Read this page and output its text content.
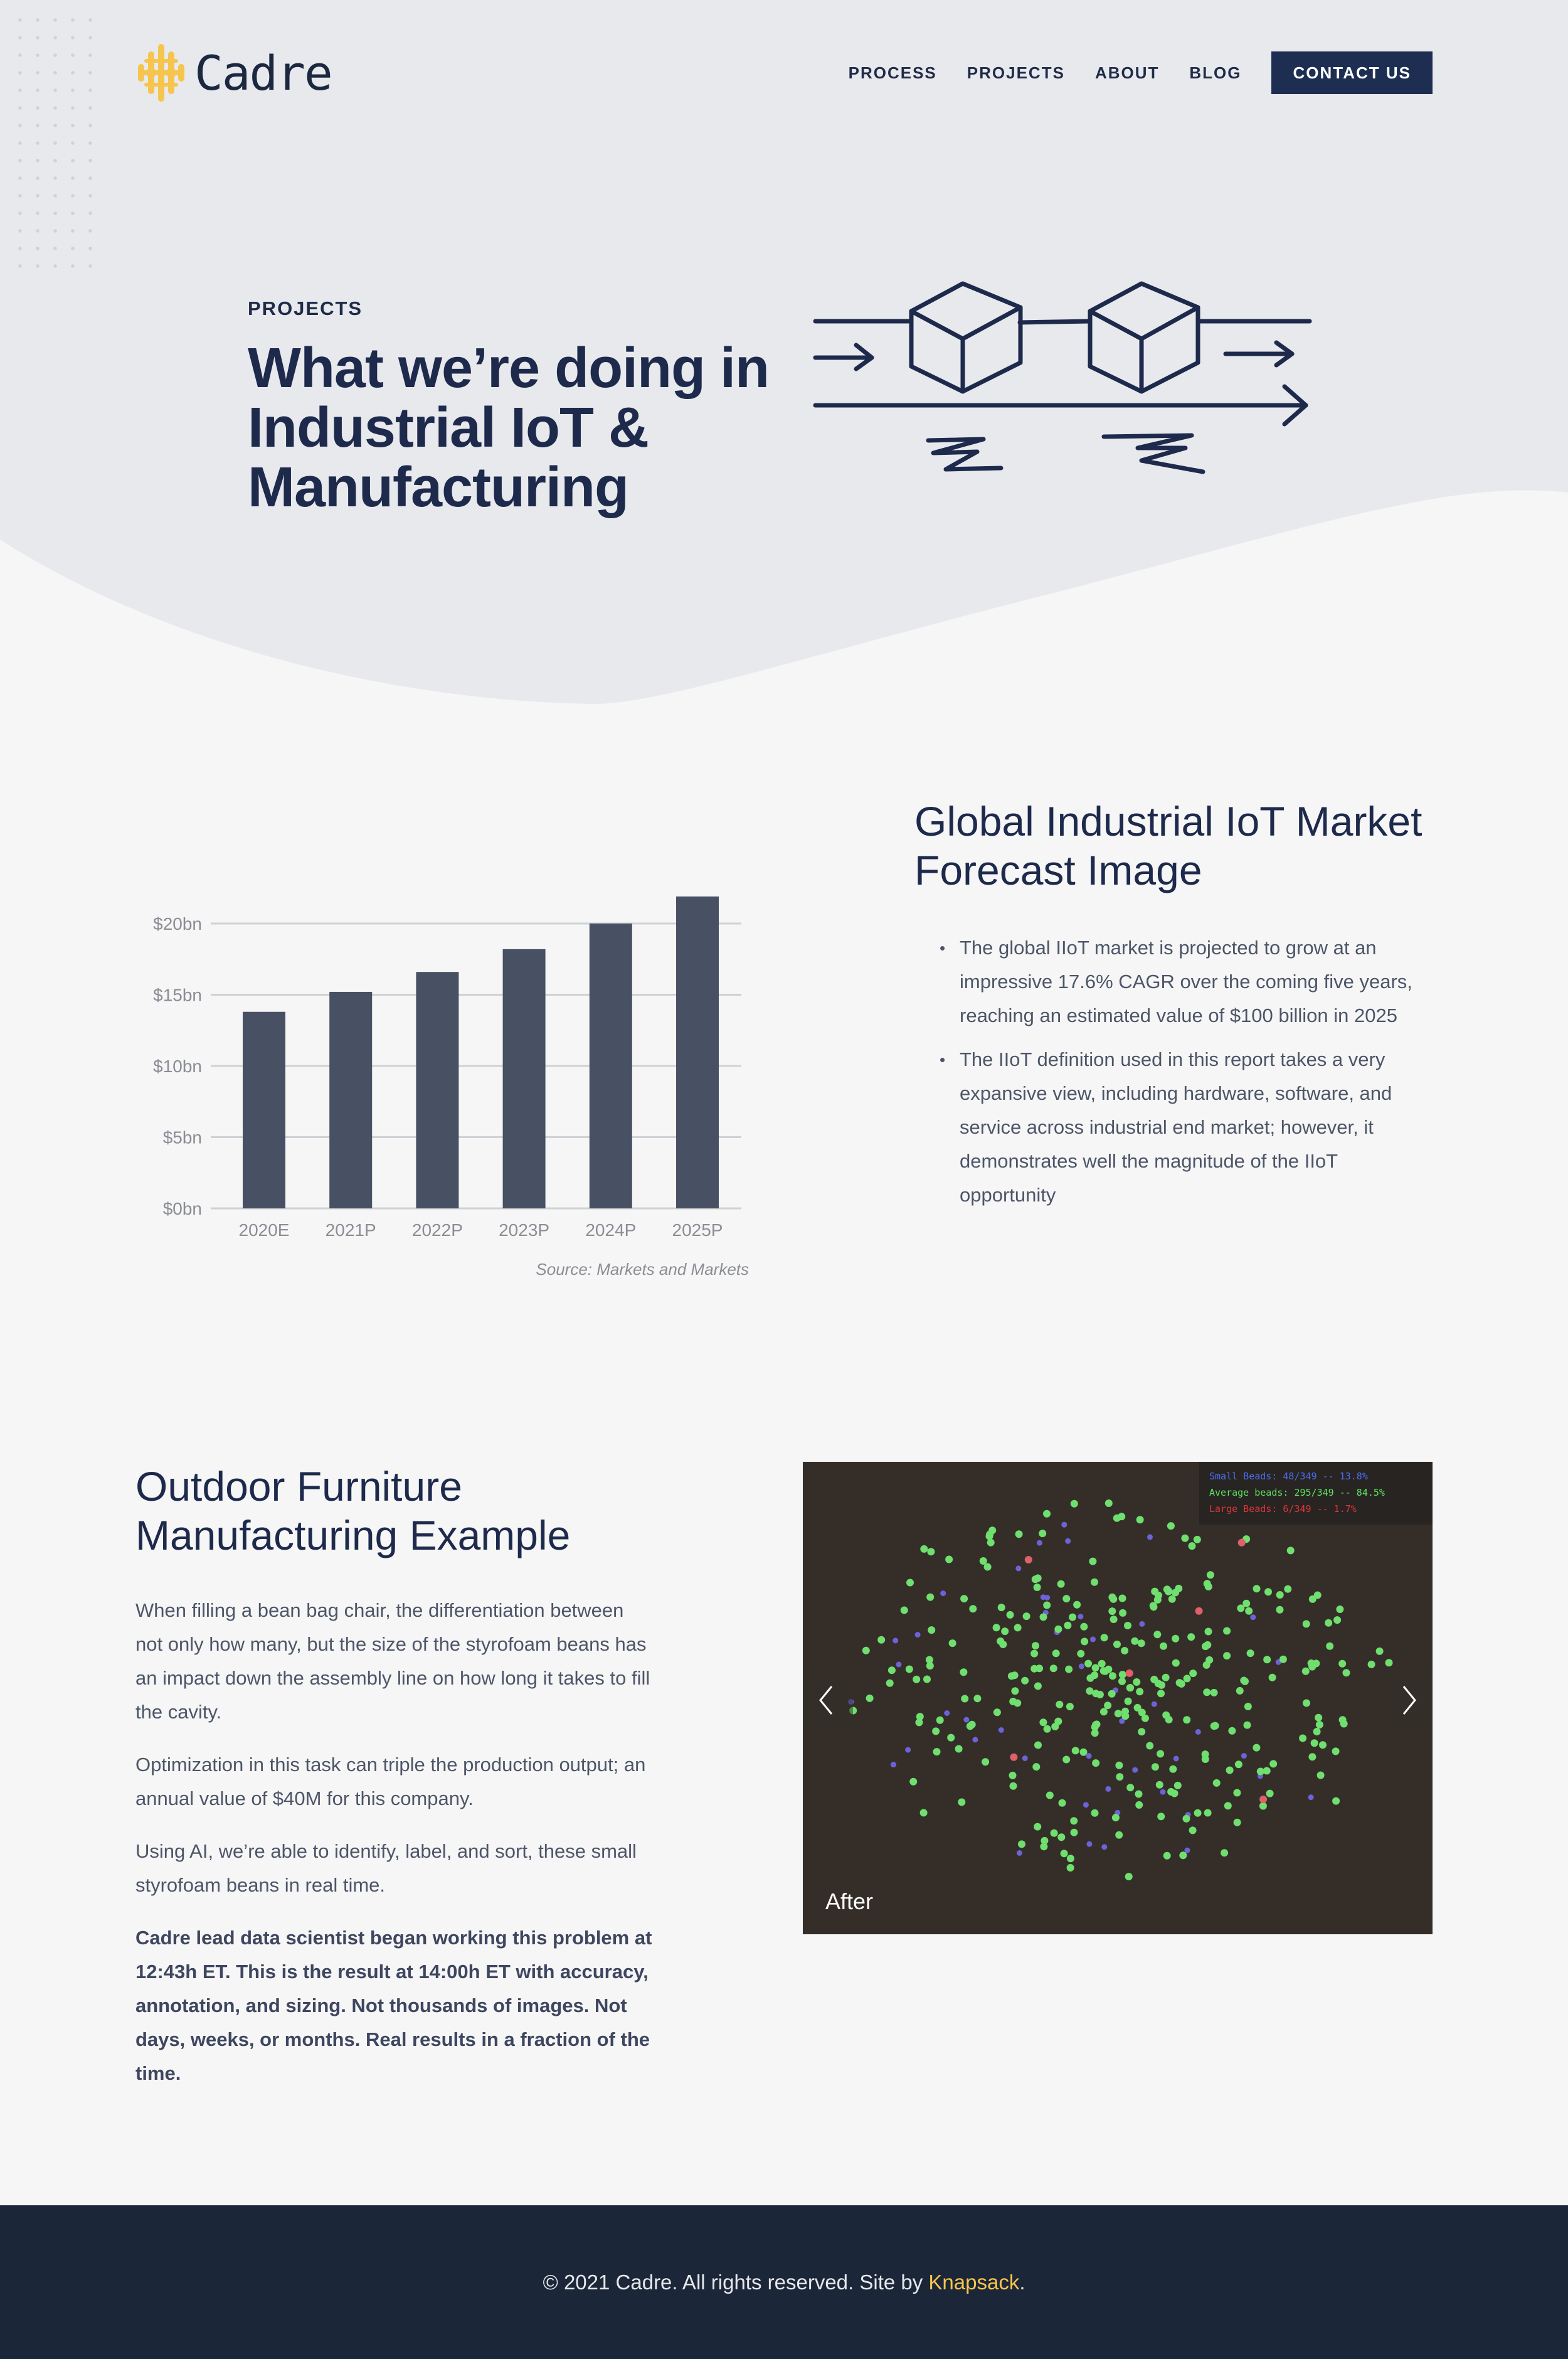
Cadre	PROCESS PROJECTS ABOUT BLOG	CONTACT US
PROJECTS
What we’re doing in Industrial IoT & Manufacturing
$0bn
$5bn
$10bn
$15bn
$20bn
2020E 2021P 2022P 2023P 2024P 2025P
Source: Markets and Markets
Global Industrial IoT Market Forecast Image
• The global IIoT market is projected to grow at an impressive 17.6% CAGR over the coming five years, reaching an estimated value of $100 billion in 2025
• The IIoT definition used in this report takes a very expansive view, including hardware, software, and service across industrial end market; however, it demonstrates well the magnitude of the IIoT opportunity
Outdoor Furniture Manufacturing Example

When filling a bean bag chair, the differentiation between not only how many, but the size of the styrofoam beans has an impact down the assembly line on how long it takes to fill the cavity.

Optimization in this task can triple the production output; an annual value of $40M for this company.

Using AI, we’re able to identify, label, and sort, these small styrofoam beans in real time.

Cadre lead data scientist began working this problem at 12:43h ET. This is the result at 14:00h ET with accuracy, annotation, and sizing. Not thousands of images. Not days, weeks, or months. Real results in a fraction of the time.

Small Beads: 48/349 -- 13.8%
Average beads: 295/349 -- 84.5%
Large Beads: 6/349 -- 1.7%
After
© 2021 Cadre. All rights reserved. Site by Knapsack.
